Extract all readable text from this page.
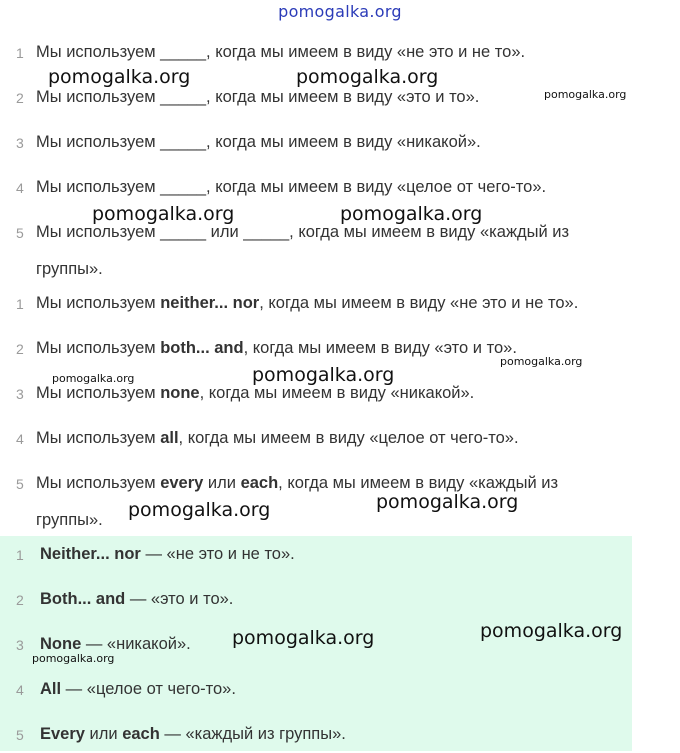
pomogalka.org
1 Мы используем _____, когда мы имеем в виду «не это и не то».
2 Мы используем _____, когда мы имеем в виду «это и то».
3 Мы используем _____, когда мы имеем в виду «никакой».
4 Мы используем _____, когда мы имеем в виду «целое от чего-то».
5 Мы используем _____ или _____, когда мы имеем в виду «каждый из
группы».
1 Мы используем neither... nor, когда мы имеем в виду «не это и не то».
2 Мы используем both... and, когда мы имеем в виду «это и то».
3 Мы используем none, когда мы имеем в виду «никакой».
4 Мы используем all, когда мы имеем в виду «целое от чего-то».
5 Мы используем every или each, когда мы имеем в виду «каждый из
группы».
1 Neither... nor — «не это и не то».
2 Both... and — «это и то».
3 None — «никакой».
4 All — «целое от чего-то».
5 Every или each — «каждый из группы».
pomogalka.org	pomogalka.org
pomogalka.org
pomogalka.org	pomogalka.org
pomogalka.org
pomogalka.org
pomogalka.org
pomogalka.org
pomogalka.org
pomogalka.org
pomogalka.org
pomogalka.org
